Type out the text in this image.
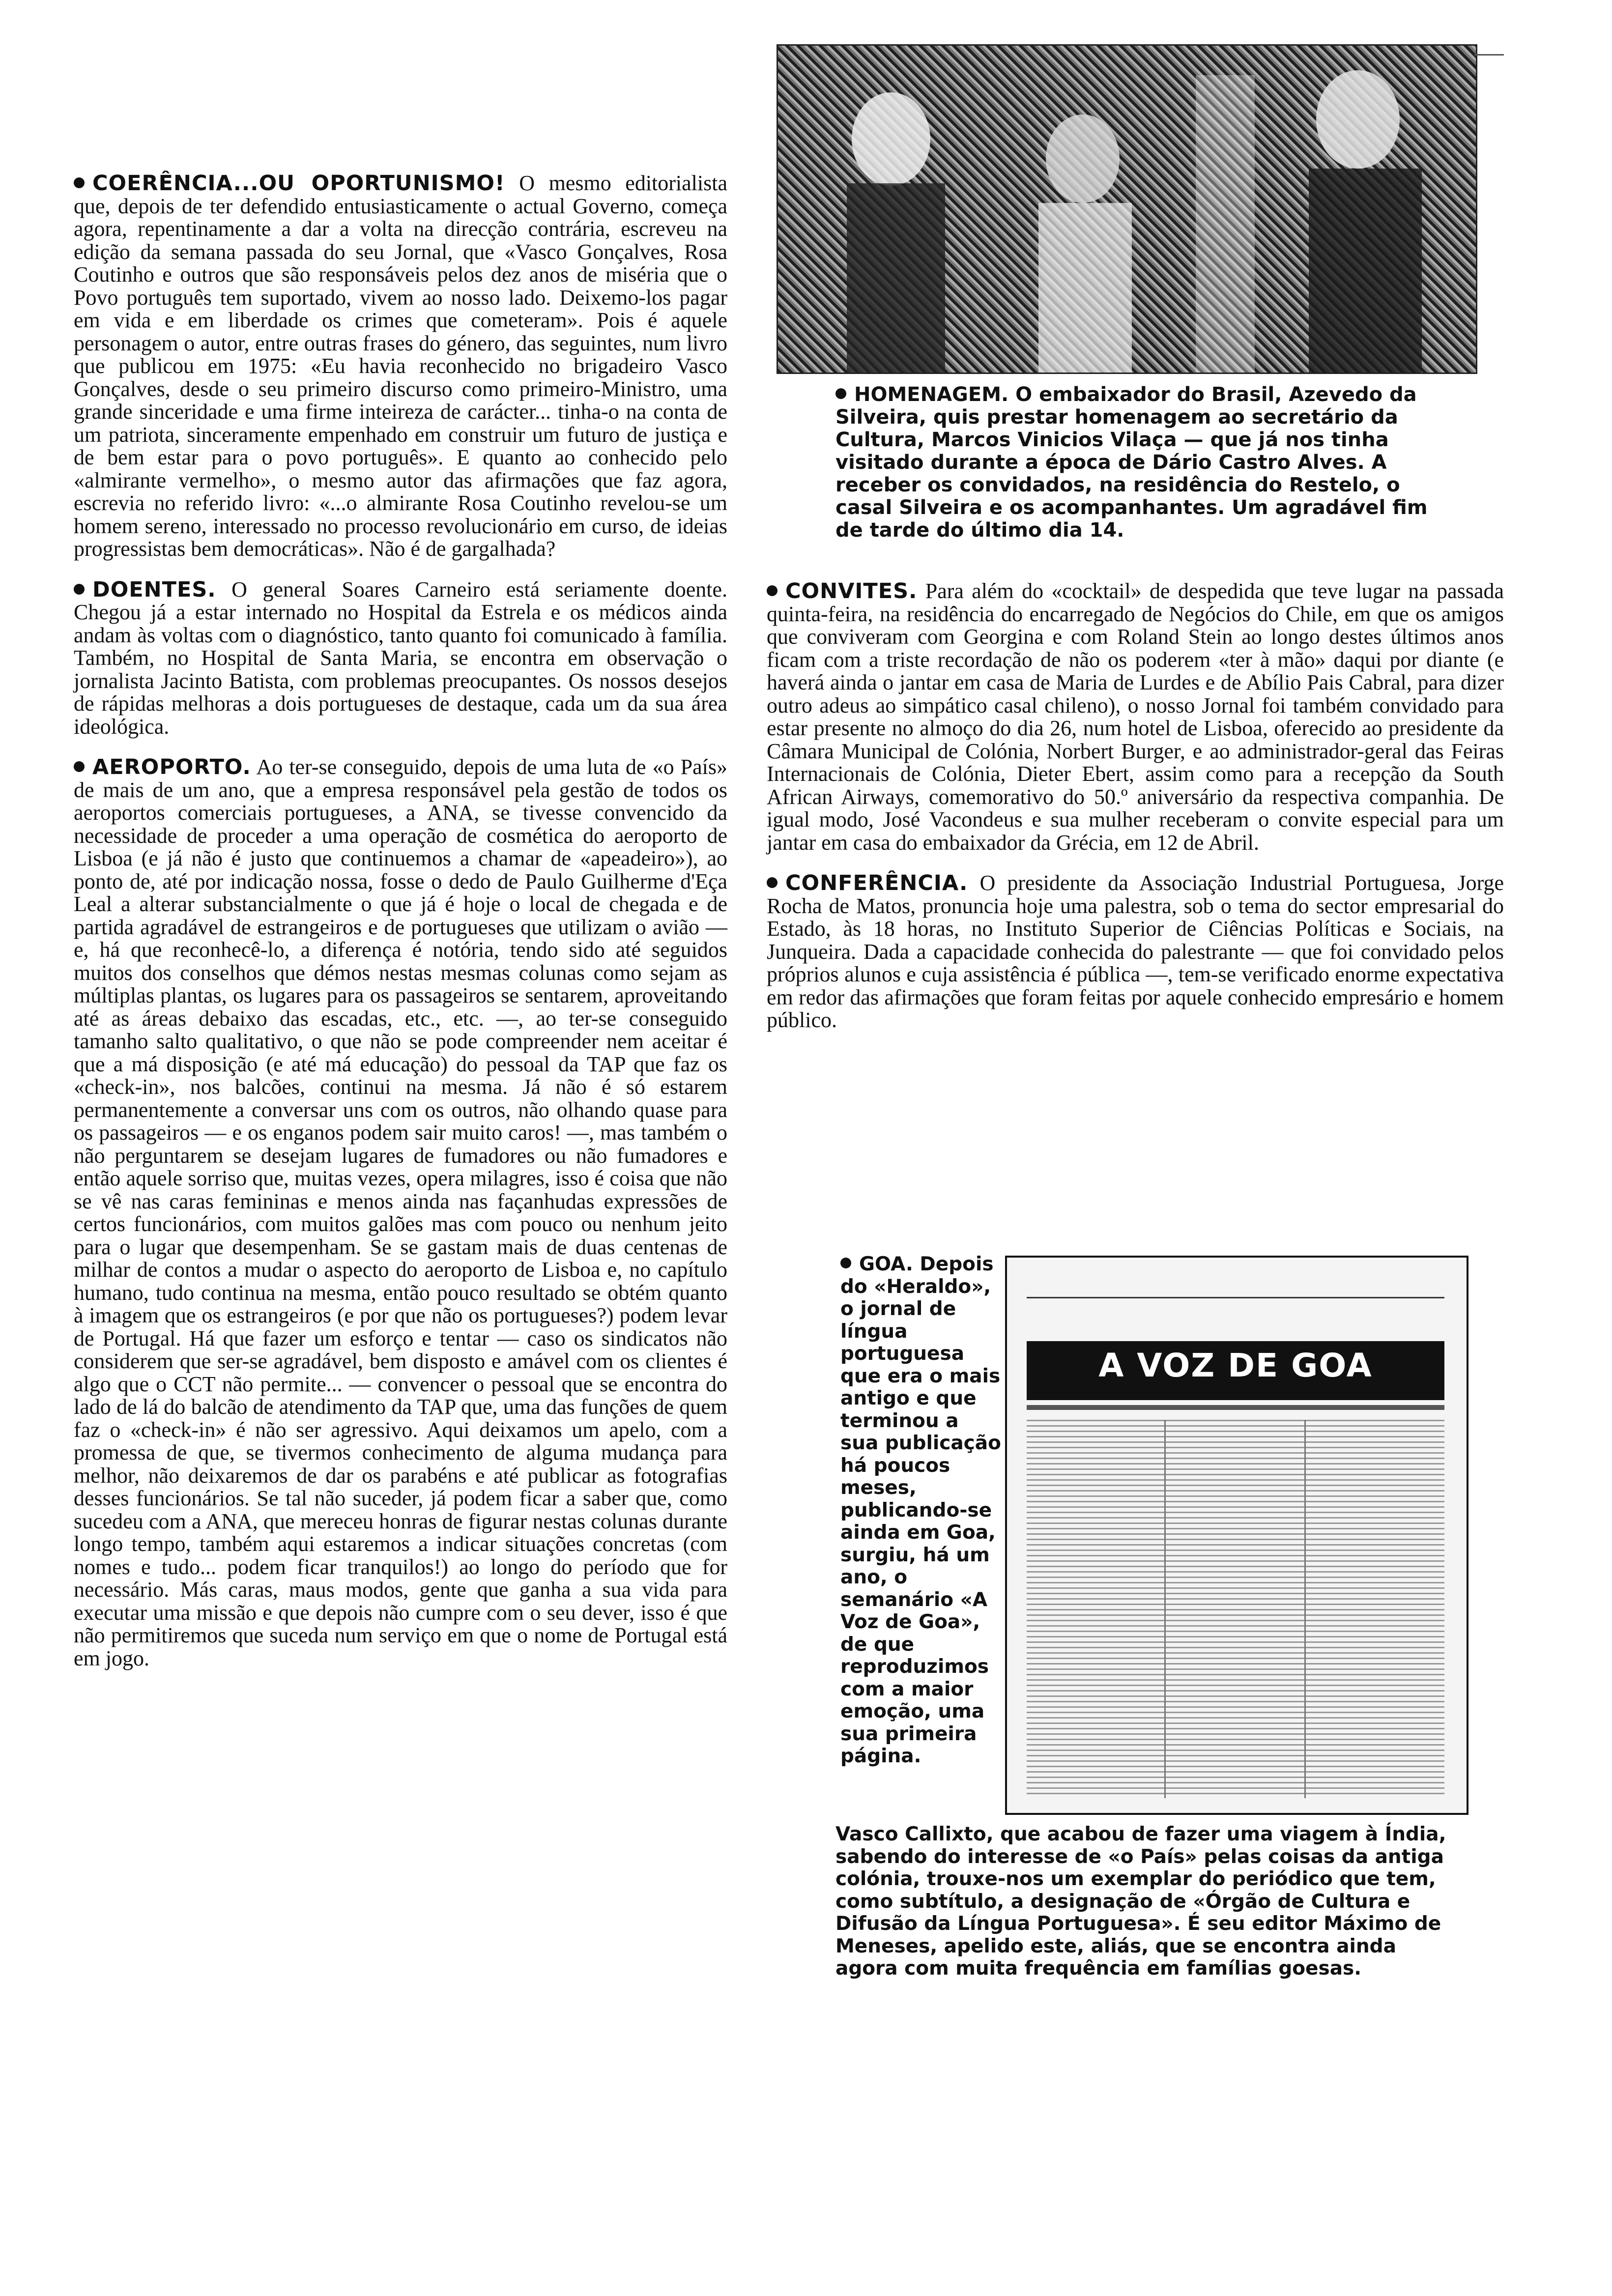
COERÊNCIA...OU OPORTUNISMO! O mesmo editorialista que, depois de ter defendido entusiasticamente o actual Governo, começa agora, repentinamente a dar a volta na direcção contrária, escreveu na edição da semana passada do seu Jornal, que «Vasco Gonçalves, Rosa Coutinho e outros que são responsáveis pelos dez anos de miséria que o Povo português tem suportado, vivem ao nosso lado. Deixemo-los pagar em vida e em liberdade os crimes que cometeram». Pois é aquele personagem o autor, entre outras frases do género, das seguintes, num livro que publicou em 1975: «Eu havia reconhecido no brigadeiro Vasco Gonçalves, desde o seu primeiro discurso como primeiro-Ministro, uma grande sinceridade e uma firme inteireza de carácter... tinha-o na conta de um patriota, sinceramente empenhado em construir um futuro de justiça e de bem estar para o povo português». E quanto ao conhecido pelo «almirante vermelho», o mesmo autor das afirmações que faz agora, escrevia no referido livro: «...o almirante Rosa Coutinho revelou-se um homem sereno, interessado no processo revolucionário em curso, de ideias progressistas bem democráticas». Não é de gargalhada?

DOENTES. O general Soares Carneiro está seriamente doente. Chegou já a estar internado no Hospital da Estrela e os médicos ainda andam às voltas com o diagnóstico, tanto quanto foi comunicado à família. Também, no Hospital de Santa Maria, se encontra em observação o jornalista Jacinto Batista, com problemas preocupantes. Os nossos desejos de rápidas melhoras a dois portugueses de destaque, cada um da sua área ideológica.

AEROPORTO. Ao ter-se conseguido, depois de uma luta de «o País» de mais de um ano, que a empresa responsável pela gestão de todos os aeroportos comerciais portugueses, a ANA, se tivesse convencido da necessidade de proceder a uma operação de cosmética do aeroporto de Lisboa (e já não é justo que continuemos a chamar de «apeadeiro»), ao ponto de, até por indicação nossa, fosse o dedo de Paulo Guilherme d'Eça Leal a alterar substancialmente o que já é hoje o local de chegada e de partida agradável de estrangeiros e de portugueses que utilizam o avião — e, há que reconhecê-lo, a diferença é notória, tendo sido até seguidos muitos dos conselhos que démos nestas mesmas colunas como sejam as múltiplas plantas, os lugares para os passageiros se sentarem, aproveitando até as áreas debaixo das escadas, etc., etc. —, ao ter-se conseguido tamanho salto qualitativo, o que não se pode compreender nem aceitar é que a má disposição (e até má educação) do pessoal da TAP que faz os «check-in», nos balcões, continui na mesma. Já não é só estarem permanentemente a conversar uns com os outros, não olhando quase para os passageiros — e os enganos podem sair muito caros! —, mas também o não perguntarem se desejam lugares de fumadores ou não fumadores e então aquele sorriso que, muitas vezes, opera milagres, isso é coisa que não se vê nas caras femininas e menos ainda nas façanhudas expressões de certos funcionários, com muitos galões mas com pouco ou nenhum jeito para o lugar que desempenham. Se se gastam mais de duas centenas de milhar de contos a mudar o aspecto do aeroporto de Lisboa e, no capítulo humano, tudo continua na mesma, então pouco resultado se obtém quanto à imagem que os estrangeiros (e por que não os portugueses?) podem levar de Portugal. Há que fazer um esforço e tentar — caso os sindicatos não considerem que ser-se agradável, bem disposto e amável com os clientes é algo que o CCT não permite... — convencer o pessoal que se encontra do lado de lá do balcão de atendimento da TAP que, uma das funções de quem faz o «check-in» é não ser agressivo. Aqui deixamos um apelo, com a promessa de que, se tivermos conhecimento de alguma mudança para melhor, não deixaremos de dar os parabéns e até publicar as fotografias desses funcionários. Se tal não suceder, já podem ficar a saber que, como sucedeu com a ANA, que mereceu honras de figurar nestas colunas durante longo tempo, também aqui estaremos a indicar situações concretas (com nomes e tudo... podem ficar tranquilos!) ao longo do período que for necessário. Más caras, maus modos, gente que ganha a sua vida para executar uma missão e que depois não cumpre com o seu dever, isso é que não permitiremos que suceda num serviço em que o nome de Portugal está em jogo.

HOMENAGEM. O embaixador do Brasil, Azevedo da Silveira, quis prestar homenagem ao secretário da Cultura, Marcos Vinicios Vilaça — que já nos tinha visitado durante a época de Dário Castro Alves. A receber os convidados, na residência do Restelo, o casal Silveira e os acompanhantes. Um agradável fim de tarde do último dia 14.

CONVITES. Para além do «cocktail» de despedida que teve lugar na passada quinta-feira, na residência do encarregado de Negócios do Chile, em que os amigos que conviveram com Georgina e com Roland Stein ao longo destes últimos anos ficam com a triste recordação de não os poderem «ter à mão» daqui por diante (e haverá ainda o jantar em casa de Maria de Lurdes e de Abílio Pais Cabral, para dizer outro adeus ao simpático casal chileno), o nosso Jornal foi também convidado para estar presente no almoço do dia 26, num hotel de Lisboa, oferecido ao presidente da Câmara Municipal de Colónia, Norbert Burger, e ao administrador-geral das Feiras Internacionais de Colónia, Dieter Ebert, assim como para a recepção da South African Airways, comemorativo do 50.º aniversário da respectiva companhia. De igual modo, José Vacondeus e sua mulher receberam o convite especial para um jantar em casa do embaixador da Grécia, em 12 de Abril.

CONFERÊNCIA. O presidente da Associação Industrial Portuguesa, Jorge Rocha de Matos, pronuncia hoje uma palestra, sob o tema do sector empresarial do Estado, às 18 horas, no Instituto Superior de Ciências Políticas e Sociais, na Junqueira. Dada a capacidade conhecida do palestrante — que foi convidado pelos próprios alunos e cuja assistência é pública —, tem-se verificado enorme expectativa em redor das afirmações que foram feitas por aquele conhecido empresário e homem público.

GOA. Depois do «Heraldo», o jornal de língua portuguesa que era o mais antigo e que terminou a sua publicação há poucos meses, publicando-se ainda em Goa, surgiu, há um ano, o semanário «A Voz de Goa», de que reproduzimos com a maior emoção, uma sua primeira página.
A VOZ DE GOA
Vasco Callixto, que acabou de fazer uma viagem à Índia, sabendo do interesse de «o País» pelas coisas da antiga colónia, trouxe-nos um exemplar do periódico que tem, como subtítulo, a designação de «Órgão de Cultura e Difusão da Língua Portuguesa». É seu editor Máximo de Meneses, apelido este, aliás, que se encontra ainda agora com muita frequência em famílias goesas.
